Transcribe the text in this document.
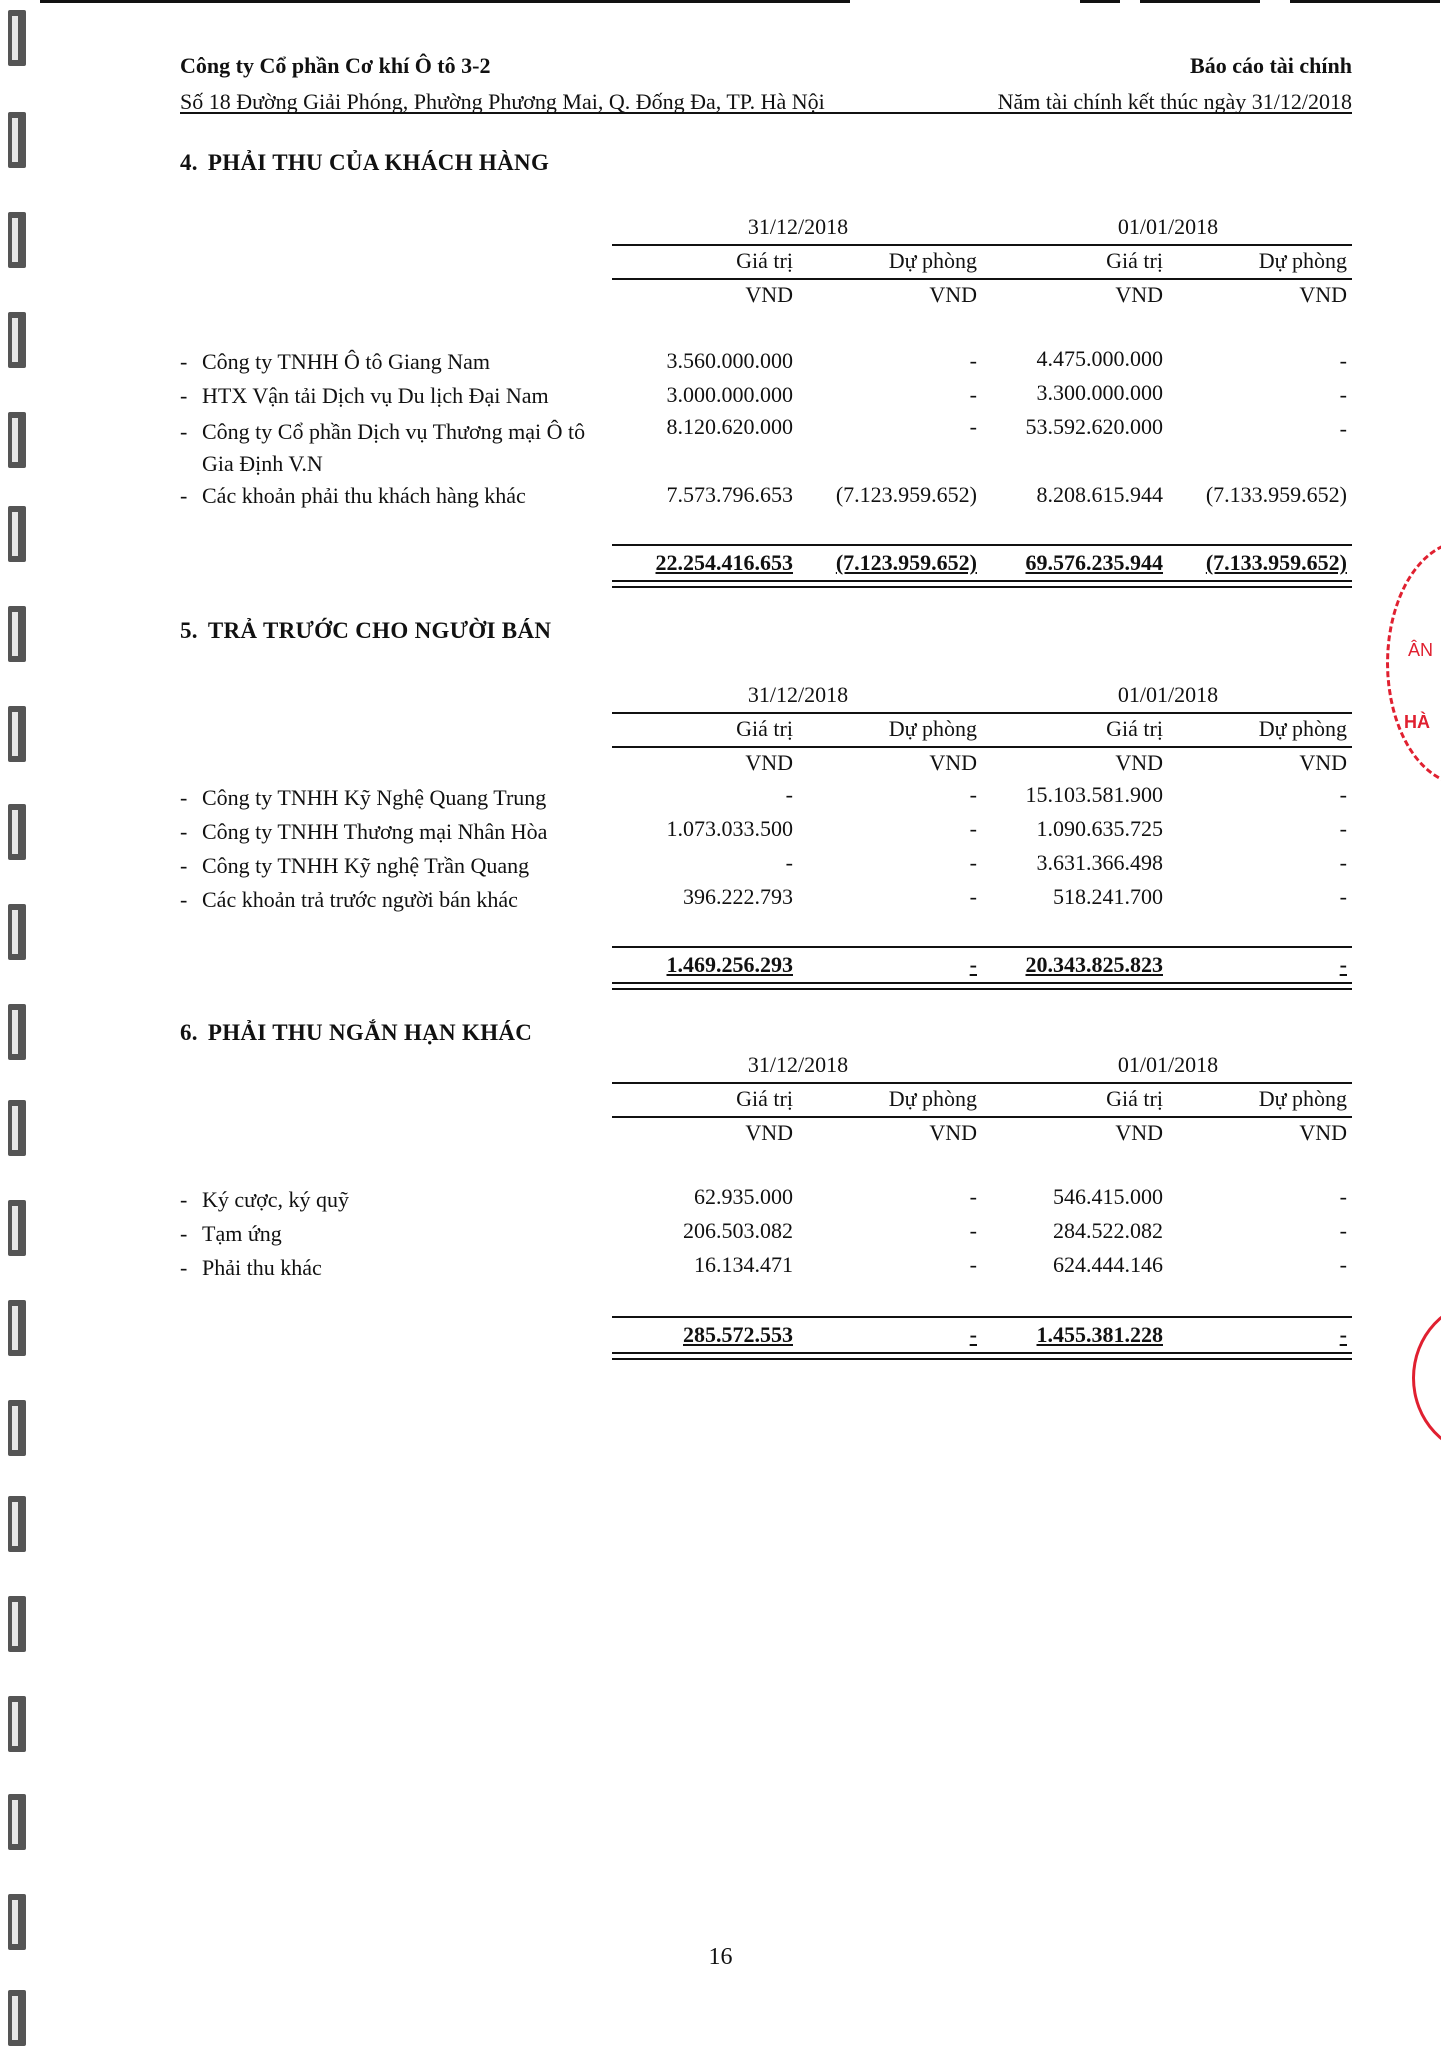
Công ty Cổ phần Cơ khí Ô tô 3-2	Báo cáo tài chính
Số 18 Đường Giải Phóng, Phường Phương Mai, Q. Đống Đa, TP. Hà Nội	Năm tài chính kết thúc ngày 31/12/2018
4. PHẢI THU CỦA KHÁCH HÀNG
31/12/2018	01/01/2018
Giá trị	Dự phòng	Giá trị	Dự phòng
VND	VND	VND	VND
- Công ty TNHH Ô tô Giang Nam	3.560.000.000	-	4.475.000.000	-
- HTX Vận tải Dịch vụ Du lịch Đại Nam	3.000.000.000	-	3.300.000.000	-
- Công ty Cổ phần Dịch vụ Thương mại Ô tô Gia Định V.N
8.120.620.000	- 53.592.620.000	-
- Các khoản phải thu khách hàng khác	7.573.796.653 (7.123.959.652)	8.208.615.944 (7.133.959.652)
22.254.416.653 (7.123.959.652) 69.576.235.944 (7.133.959.652)
5. TRẢ TRƯỚC CHO NGƯỜI BÁN
31/12/2018	01/01/2018
Giá trị	Dự phòng	Giá trị	Dự phòng
VND	VND	VND	VND
- Công ty TNHH Kỹ Nghệ Quang Trung	-	- 15.103.581.900	-
- Công ty TNHH Thương mại Nhân Hòa	1.073.033.500	-	1.090.635.725	-
- Công ty TNHH Kỹ nghệ Trần Quang	-	-	3.631.366.498	-
- Các khoản trả trước người bán khác	396.222.793	-	518.241.700	-
1.469.256.293	- 20.343.825.823	-
6. PHẢI THU NGẮN HẠN KHÁC
31/12/2018	01/01/2018
Giá trị	Dự phòng	Giá trị	Dự phòng
VND	VND	VND	VND
- Ký cược, ký quỹ	62.935.000	-	546.415.000	-
- Tạm ứng	206.503.082	-	284.522.082	-
- Phải thu khác	16.134.471	-	624.444.146	-
285.572.553	-	1.455.381.228	-
16
ÂN
HÀ
